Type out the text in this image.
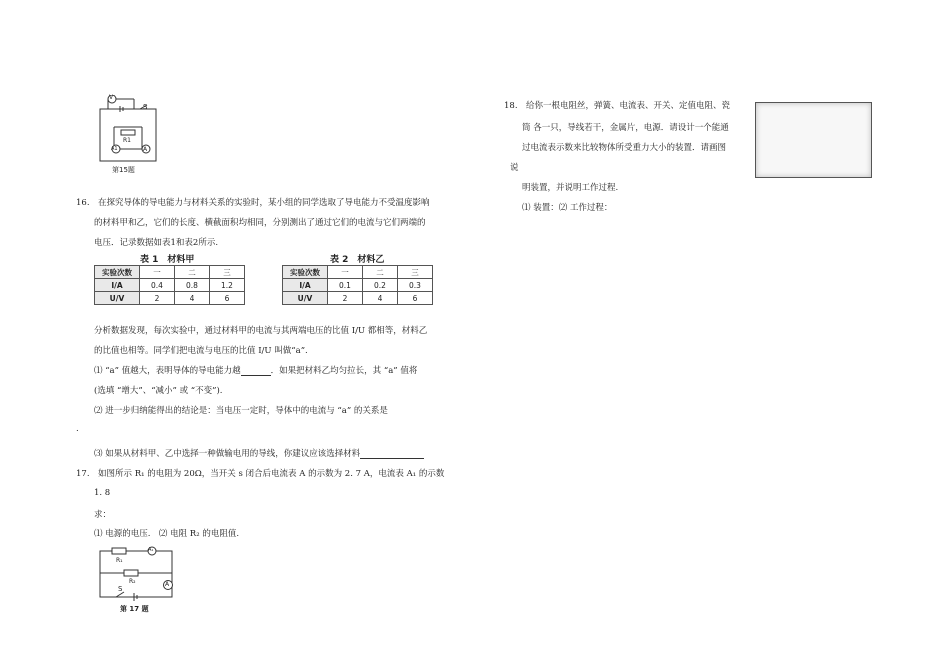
V
S
R1
A1	A
第15题
16.　在探究导体的导电能力与材料关系的实验时，某小组的同学选取了导电能力不受温度影响
的材料甲和乙，它们的长度、横截面积均相同，分别测出了通过它们的电流与它们两端的
电压．记录数据如表1和表2所示.
表 1　材料甲
实验次数	一	二	三
I/A	0.4	0.8	1.2
U/V	2	4	6
表 2　材料乙
实验次数	一	二	三
I/A	0.1	0.2	0.3
U/V	2	4	6
分析数据发现，每次实验中，通过材料甲的电流与其两端电压的比值 I/U 都相等，材料乙
的比值也相等。同学们把电流与电压的比值 I/U 叫做“a”.
⑴ “a” 值越大，表明导体的导电能力越	．如果把材料乙均匀拉长，其 “a” 值将
(选填 “增大”、“减小” 或 “不变”).
⑵ 进一步归纳能得出的结论是：当电压一定时，导体中的电流与 “a” 的关系是
.
⑶ 如果从材料甲、乙中选择一种做输电用的导线，你建议应该选择材料
17.　如图所示 R₁ 的电阻为 20Ω，当开关 s 闭合后电流表 A 的示数为 2. 7 A，电流表 A₁ 的示数
1. 8
求：
⑴ 电源的电压.　⑵ 电阻 R₂ 的电阻值.
R₁
R₂
A₁
A
S
第 17 题
18.　给你一根电阻丝，弹簧、电流表、开关、定值电阻、瓷
筒 各一只，导线若干，金属片，电源．请设计一个能通
过电流表示数来比较物体所受重力大小的装置．请画图
说
明装置，并说明工作过程.
⑴ 装置：⑵ 工作过程：
